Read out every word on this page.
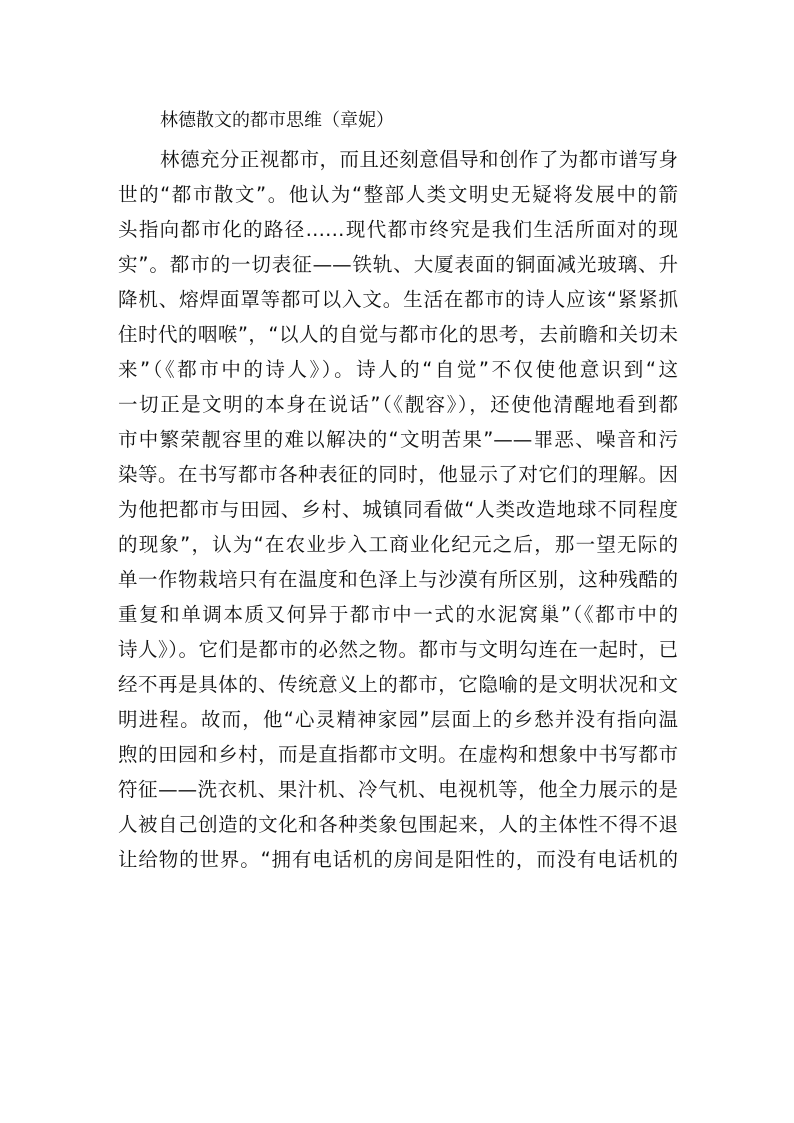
林德散文的都市思维（章妮）
林德充分正视都市，而且还刻意倡导和创作了为都市谱写身
世的“都市散文”。他认为“整部人类文明史无疑将发展中的箭
头指向都市化的路径……现代都市终究是我们生活所面对的现
实”。都市的一切表征——铁轨、大厦表面的铜面减光玻璃、升
降机、熔焊面罩等都可以入文。生活在都市的诗人应该“紧紧抓
住时代的咽喉”，“以人的自觉与都市化的思考，去前瞻和关切未
来”（《都市中的诗人》）。诗人的“自觉”不仅使他意识到“这
一切正是文明的本身在说话”（《靓容》），还使他清醒地看到都
市中繁荣靓容里的难以解决的“文明苦果”——罪恶、噪音和污
染等。在书写都市各种表征的同时，他显示了对它们的理解。因
为他把都市与田园、乡村、城镇同看做“人类改造地球不同程度
的现象”，认为“在农业步入工商业化纪元之后，那一望无际的
单一作物栽培只有在温度和色泽上与沙漠有所区别，这种残酷的
重复和单调本质又何异于都市中一式的水泥窝巢”（《都市中的
诗人》）。它们是都市的必然之物。都市与文明勾连在一起时，已
经不再是具体的、传统意义上的都市，它隐喻的是文明状况和文
明进程。故而，他“心灵精神家园”层面上的乡愁并没有指向温
煦的田园和乡村，而是直指都市文明。在虚构和想象中书写都市
符征——洗衣机、果汁机、冷气机、电视机等，他全力展示的是
人被自己创造的文化和各种类象包围起来，人的主体性不得不退
让给物的世界。“拥有电话机的房间是阳性的，而没有电话机的
